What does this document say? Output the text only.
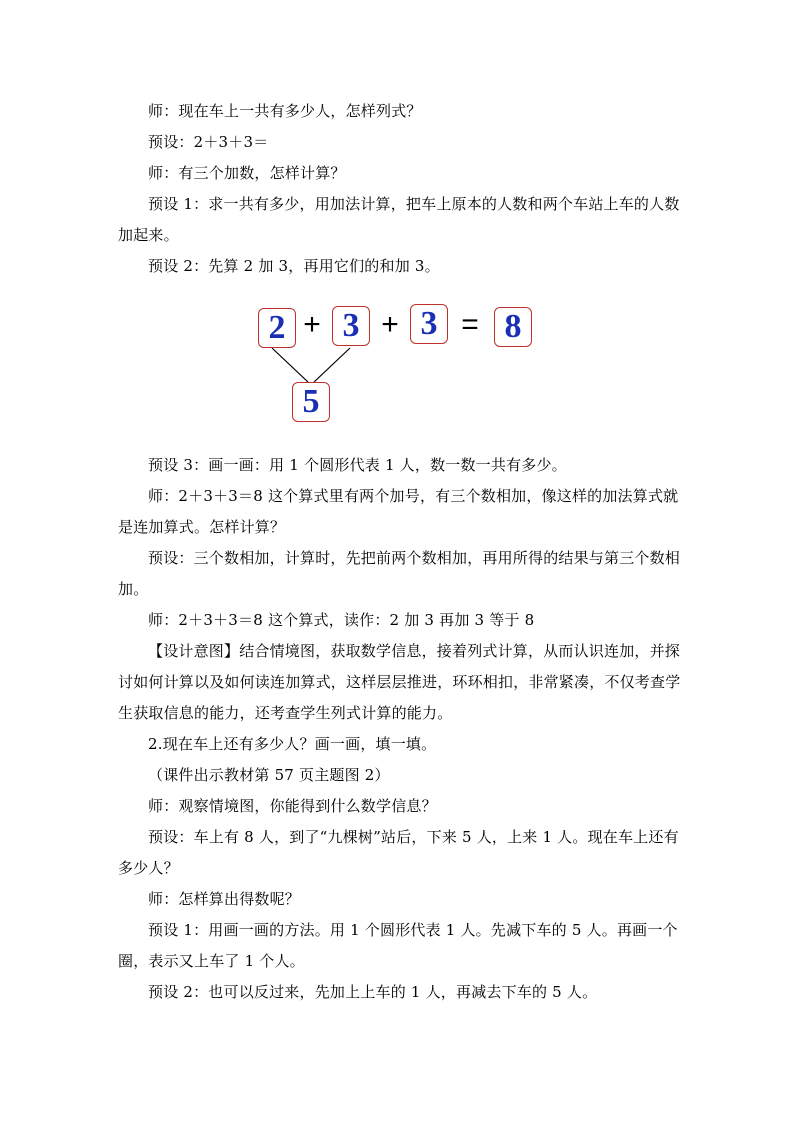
师：现在车上一共有多少人，怎样列式？

预设：2＋3＋3＝

师：有三个加数，怎样计算？

预设 1：求一共有多少，用加法计算，把车上原本的人数和两个车站上车的人数加起来。

预设 2：先算 2 加 3，再用它们的和加 3。

2 + 3 + 3 = 8
5

预设 3：画一画：用 1 个圆形代表 1 人，数一数一共有多少。

师：2＋3＋3＝8 这个算式里有两个加号，有三个数相加，像这样的加法算式就是连加算式。怎样计算？

预设：三个数相加，计算时，先把前两个数相加，再用所得的结果与第三个数相加。

师：2＋3＋3＝8 这个算式，读作：2 加 3 再加 3 等于 8

【设计意图】结合情境图，获取数学信息，接着列式计算，从而认识连加，并探讨如何计算以及如何读连加算式，这样层层推进，环环相扣，非常紧凑，不仅考查学生获取信息的能力，还考查学生列式计算的能力。

2.现在车上还有多少人？画一画，填一填。

（课件出示教材第 57 页主题图 2）

师：观察情境图，你能得到什么数学信息？

预设：车上有 8 人，到了“九棵树”站后，下来 5 人，上来 1 人。现在车上还有多少人？

师：怎样算出得数呢？

预设 1：用画一画的方法。用 1 个圆形代表 1 人。先减下车的 5 人。再画一个圈，表示又上车了 1 个人。

预设 2：也可以反过来，先加上上车的 1 人，再减去下车的 5 人。
